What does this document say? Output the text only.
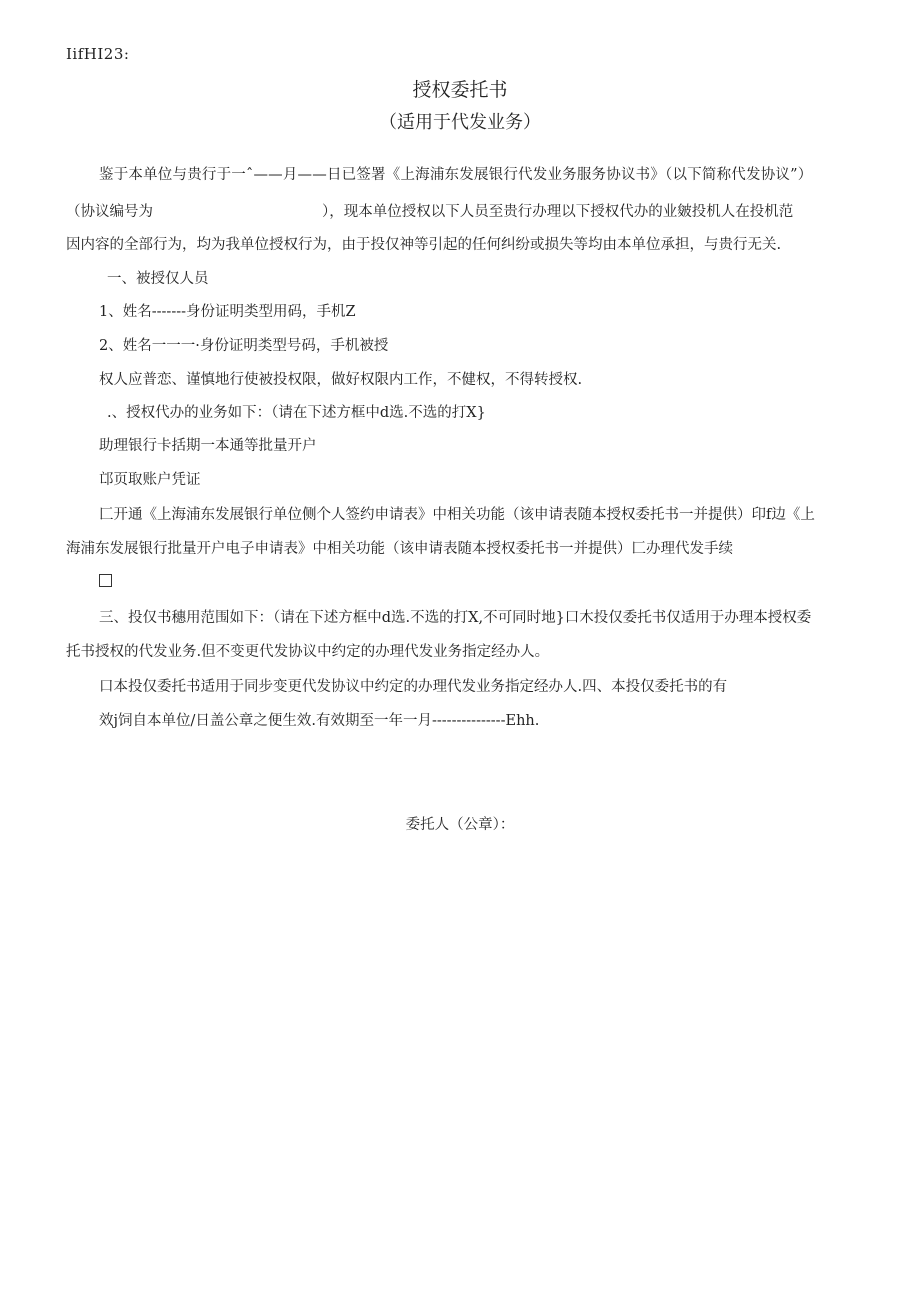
IifHI23:
授权委托书
（适用于代发业务）
鉴于本单位与贵行于一ˆ——月——日已签署《上海浦东发展银行代发业务服务协议书》（以下简称代发协议”）
（协议编号为	），现本单位授权以下人员至贵行办理以下授权代办的业皴投机人在投机范
因内容的全部行为，均为我单位授权行为，由于投仅神等引起的任何纠纷或损失等均由本单位承担，与贵行无关.
一、被授仅人员
1、姓名-------身份证明类型用码，手机Z
2、姓名一一一·身份证明类型号码，手机被授
权人应普恋、谨慎地行使被投权限，做好权限内工作，不健权，不得转授权.
.、授权代办的业务如下：（请在下述方框中d选.不选的打X}
助理银行卡括期一本通等批量开户
邙页取账户凭证
匚开通《上海浦东发展银行单位侧个人签约申请表》中相关功能（该申请表随本授权委托书一并提供）印f边《上
海浦东发展银行批量开户电子申请表》中相关功能（该申请表随本授权委托书一并提供）匚办理代发手续
三、投仅书穗用范围如下：（请在下述方框中d选.不选的打X,不可同时地}口木投仅委托书仅适用于办理本授权委
托书授权的代发业务.但不变更代发协议中约定的办理代发业务指定经办人。
口本投仅委托书适用于同步变更代发协议中约定的办理代发业务指定经办人.四、本投仅委托书的有
效j饲自本单位/日盖公章之便生效.有效期至一年一月---------------Ehh.
委托人（公章）：
